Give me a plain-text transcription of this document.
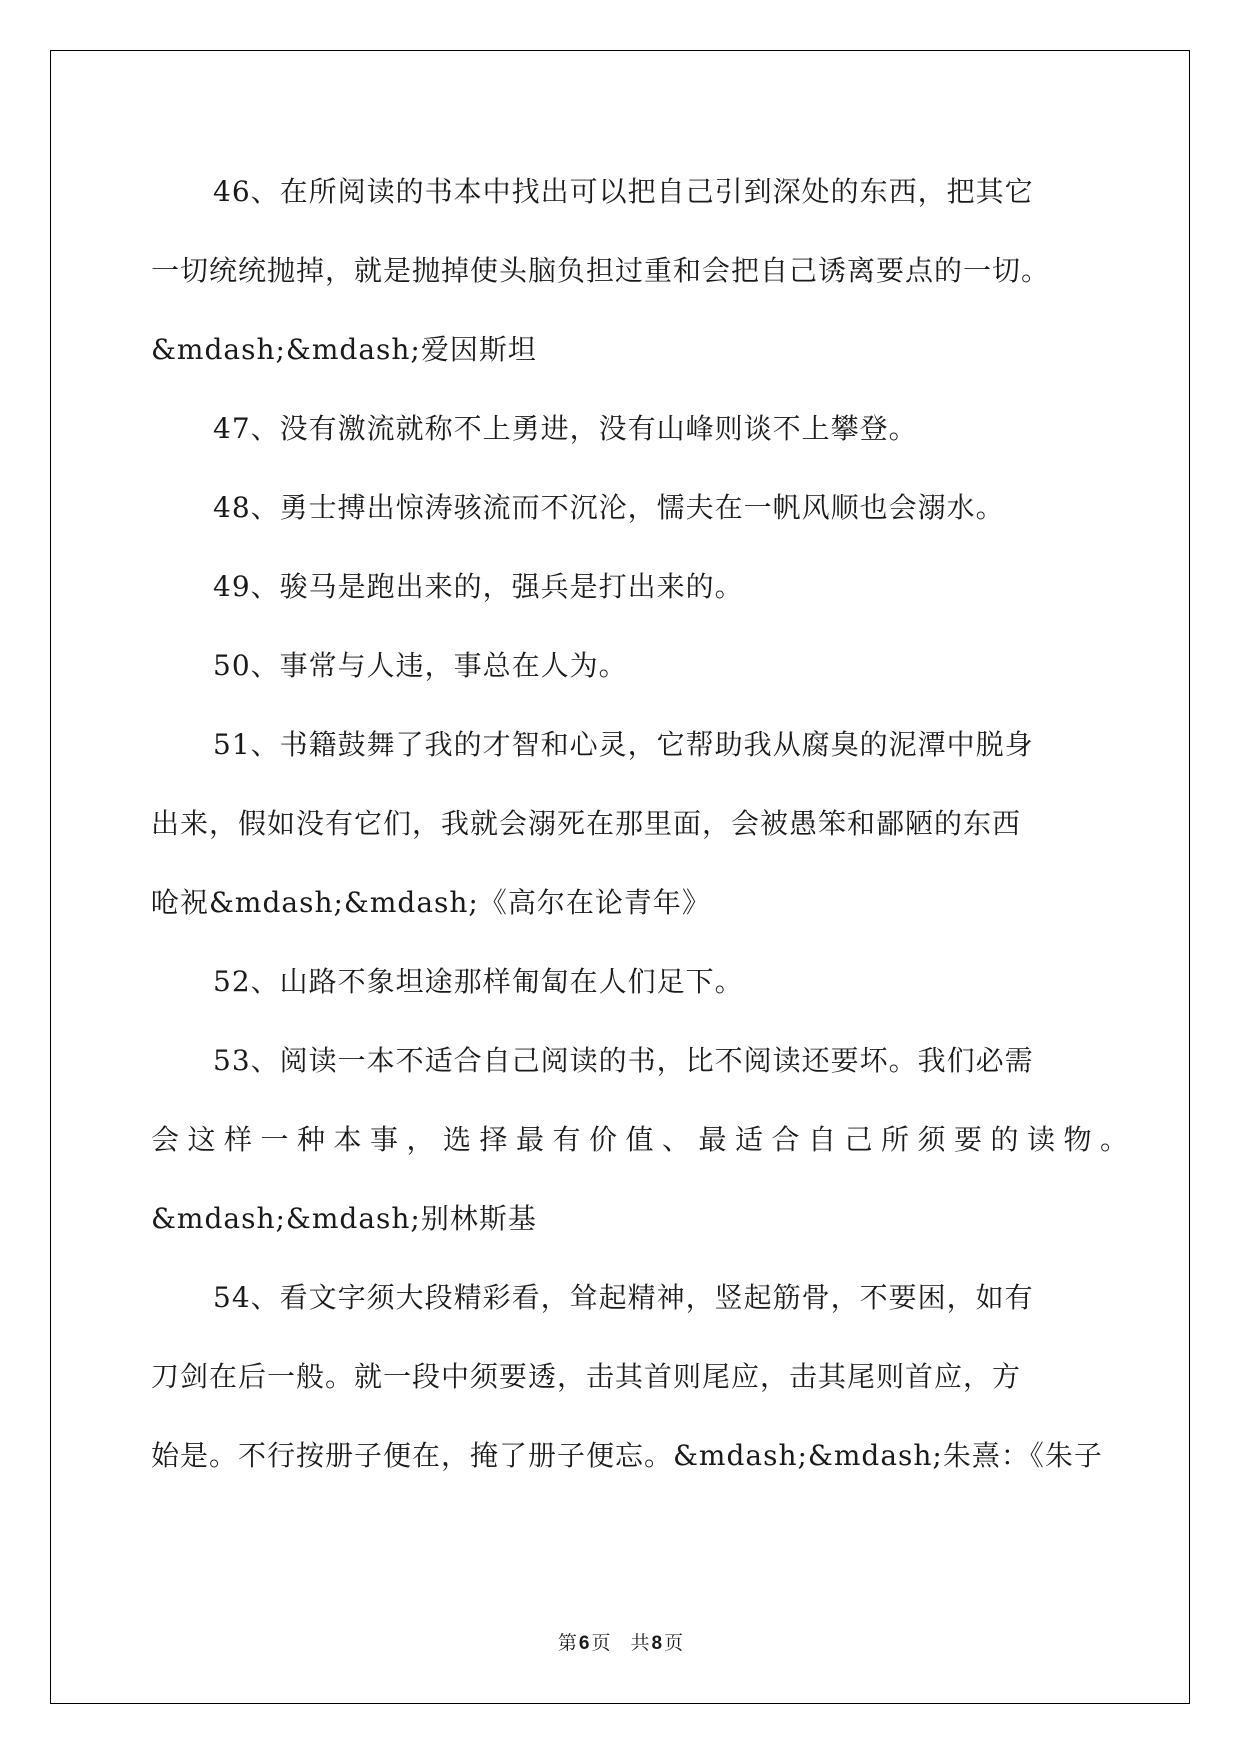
46、在所阅读的书本中找出可以把自己引到深处的东西，把其它
一切统统抛掉，就是抛掉使头脑负担过重和会把自己诱离要点的一切。
&mdash;&mdash;爱因斯坦
47、没有激流就称不上勇进，没有山峰则谈不上攀登。
48、勇士搏出惊涛骇流而不沉沦，懦夫在一帆风顺也会溺水。
49、骏马是跑出来的，强兵是打出来的。
50、事常与人违，事总在人为。
51、书籍鼓舞了我的才智和心灵，它帮助我从腐臭的泥潭中脱身
出来，假如没有它们，我就会溺死在那里面，会被愚笨和鄙陋的东西
呛祝&mdash;&mdash;《高尔在论青年》
52、山路不象坦途那样匍匐在人们足下。
53、阅读一本不适合自己阅读的书，比不阅读还要坏。我们必需
会这样一种本事，选择最有价值、最适合自己所须要的读物。
&mdash;&mdash;别林斯基
54、看文字须大段精彩看，耸起精神，竖起筋骨，不要困，如有
刀剑在后一般。就一段中须要透，击其首则尾应，击其尾则首应，方
始是。不行按册子便在，掩了册子便忘。&mdash;&mdash;朱熹：《朱子
第 6 页 共 8 页
